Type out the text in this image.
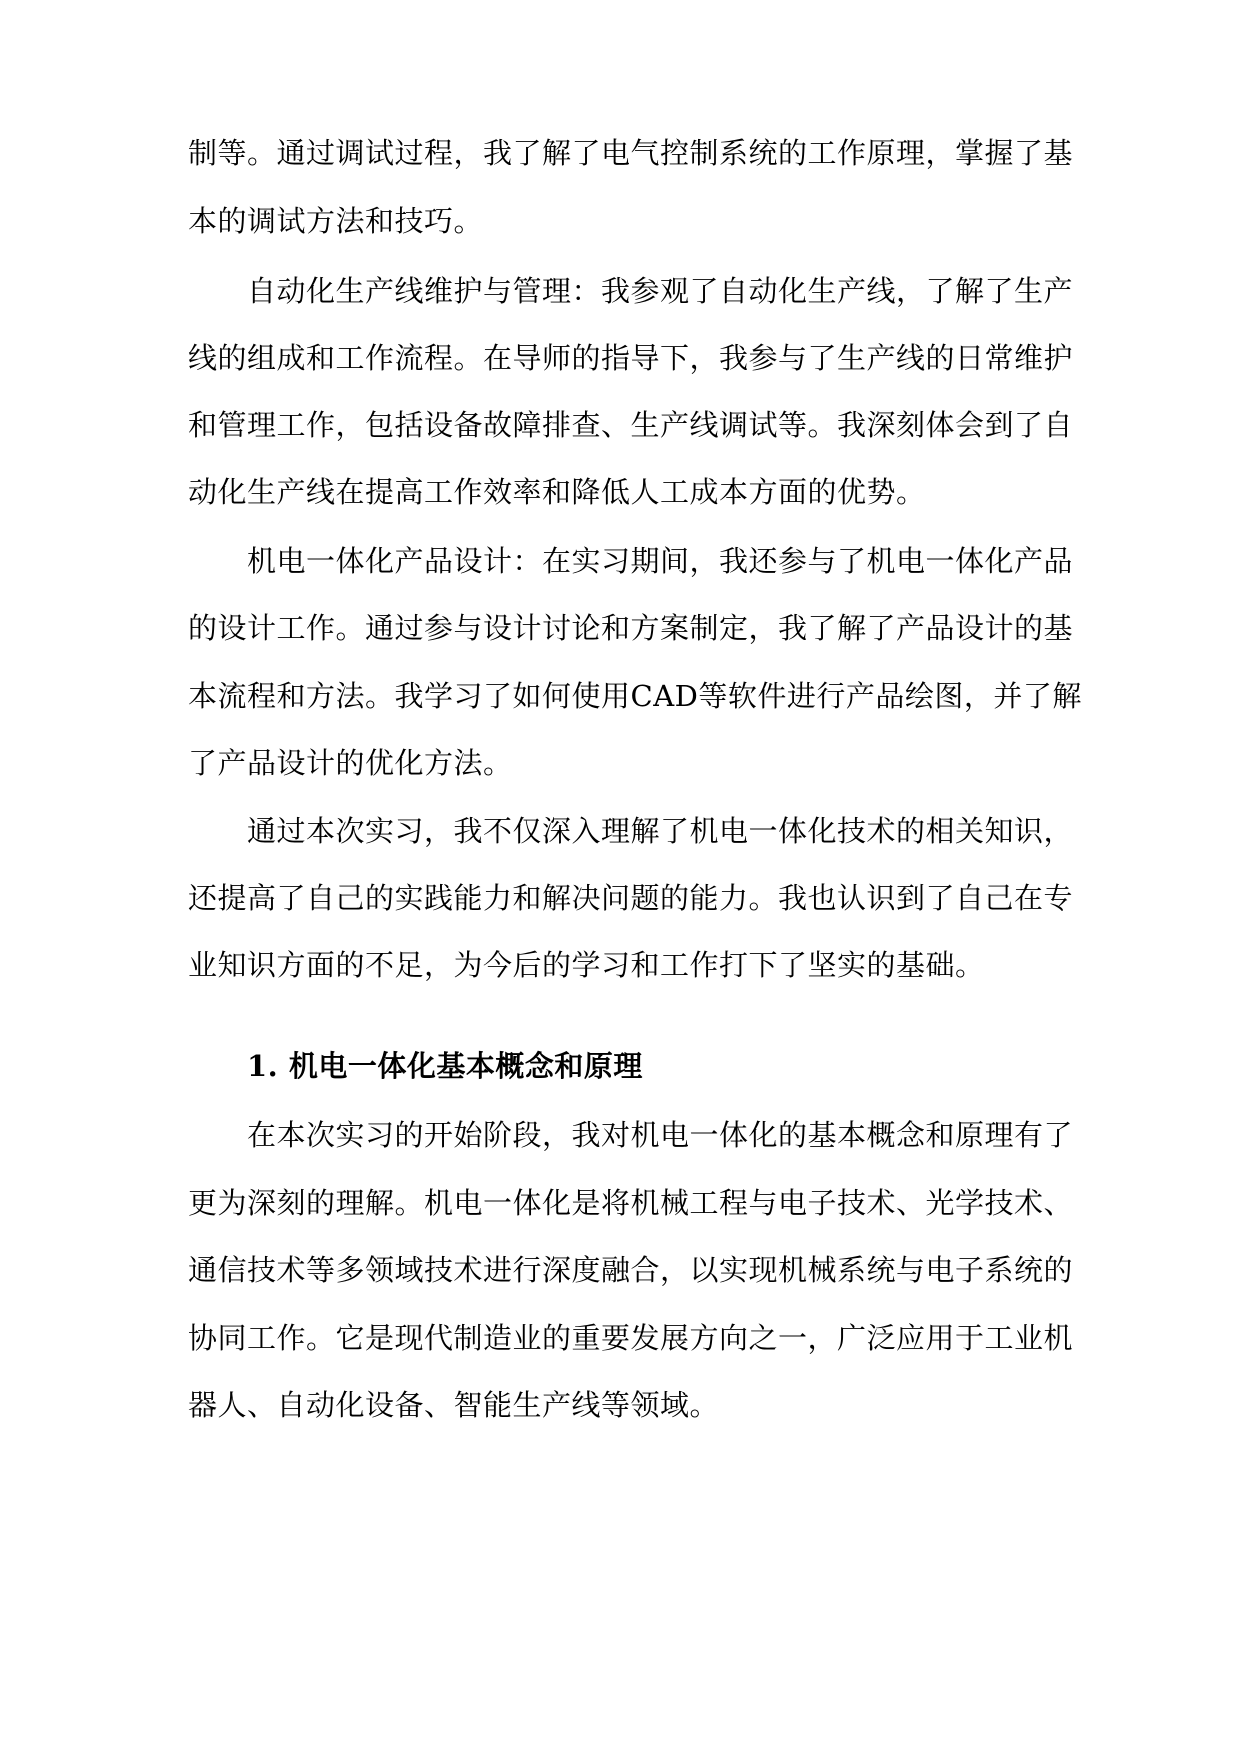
制等。通过调试过程，我了解了电气控制系统的工作原理，掌握了基
本的调试方法和技巧。
自动化生产线维护与管理：我参观了自动化生产线，了解了生产
线的组成和工作流程。在导师的指导下，我参与了生产线的日常维护
和管理工作，包括设备故障排查、生产线调试等。我深刻体会到了自
动化生产线在提高工作效率和降低人工成本方面的优势。
机电一体化产品设计：在实习期间，我还参与了机电一体化产品
的设计工作。通过参与设计讨论和方案制定，我了解了产品设计的基
本流程和方法。我学习了如何使用CAD等软件进行产品绘图，并了解
了产品设计的优化方法。
通过本次实习，我不仅深入理解了机电一体化技术的相关知识，
还提高了自己的实践能力和解决问题的能力。我也认识到了自己在专
业知识方面的不足，为今后的学习和工作打下了坚实的基础。
1. 机电一体化基本概念和原理
在本次实习的开始阶段，我对机电一体化的基本概念和原理有了
更为深刻的理解。机电一体化是将机械工程与电子技术、光学技术、
通信技术等多领域技术进行深度融合，以实现机械系统与电子系统的
协同工作。它是现代制造业的重要发展方向之一，广泛应用于工业机
器人、自动化设备、智能生产线等领域。
